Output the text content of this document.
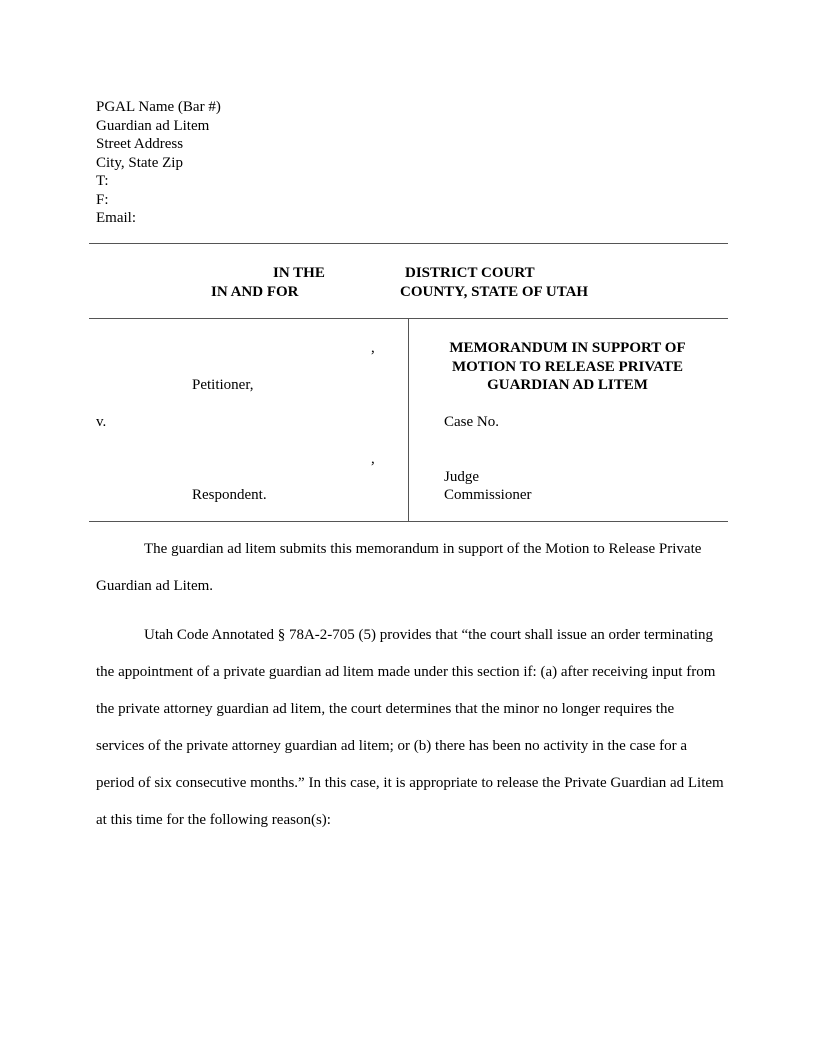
PGAL Name (Bar #)
Guardian ad Litem
Street Address
City, State Zip
T:
F:
Email:
IN THE	DISTRICT COURT
IN AND FOR	COUNTY, STATE OF UTAH
,
Petitioner,
v.
,
Respondent.
MEMORANDUM IN SUPPORT OF
MOTION TO RELEASE PRIVATE
GUARDIAN AD LITEM
Case No.
Judge
Commissioner
The guardian ad litem submits this memorandum in support of the Motion to Release Private Guardian ad Litem.
Utah Code Annotated § 78A-2-705 (5) provides that “the court shall issue an order terminating the appointment of a private guardian ad litem made under this section if: (a) after receiving input from the private attorney guardian ad litem, the court determines that the minor no longer requires the services of the private attorney guardian ad litem; or (b) there has been no activity in the case for a period of six consecutive months.” In this case, it is appropriate to release the Private Guardian ad Litem at this time for the following reason(s):
